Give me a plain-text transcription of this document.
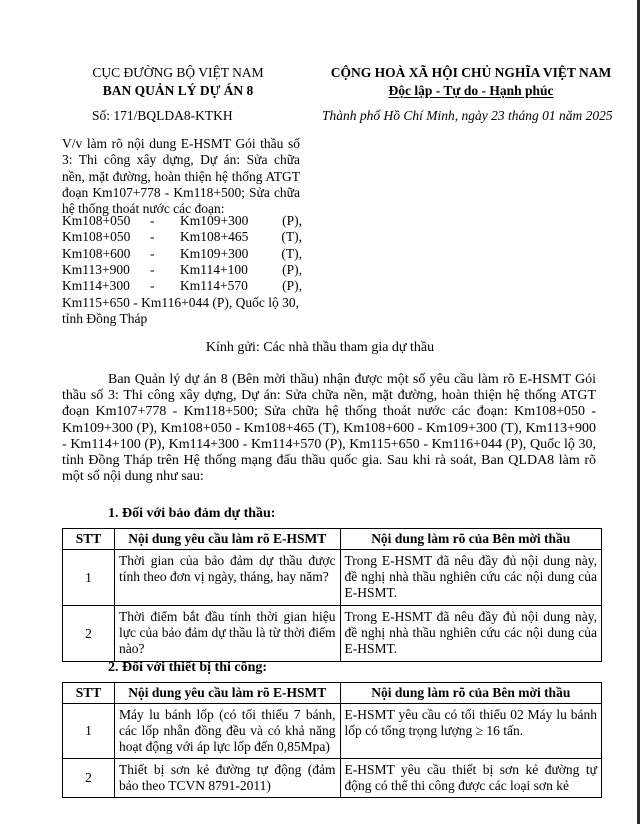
CỤC ĐƯỜNG BỘ VIỆT NAM
BAN QUẢN LÝ DỰ ÁN 8
CỘNG HOÀ XÃ HỘI CHỦ NGHĨA VIỆT NAM
Độc lập - Tự do - Hạnh phúc
Số: 171/BQLDA8-KTKH	Thành phố Hồ Chí Minh, ngày 23 tháng 01 năm 2025
V/v làm rõ nội dung E-HSMT Gói thầu số 3: Thi công xây dựng, Dự án: Sửa chữa nền, mặt đường, hoàn thiện hệ thống ATGT đoạn Km107+778 - Km118+500; Sửa chữa hệ thống thoát nước các đoạn:
Km108+050	-	Km109+300	(P),
Km108+050	-	Km108+465	(T),
Km108+600	-	Km109+300	(T),
Km113+900	-	Km114+100	(P),
Km114+300	-	Km114+570	(P),
Km115+650 - Km116+044 (P), Quốc lộ 30, tỉnh Đồng Tháp
Kính gửi: Các nhà thầu tham gia dự thầu
Ban Quản lý dự án 8 (Bên mời thầu) nhận được một số yêu cầu làm rõ E-HSMT Gói thầu số 3: Thi công xây dựng, Dự án: Sửa chữa nền, mặt đường, hoàn thiện hệ thống ATGT đoạn Km107+778 - Km118+500; Sửa chữa hệ thống thoát nước các đoạn: Km108+050 - Km109+300 (P), Km108+050 - Km108+465 (T), Km108+600 - Km109+300 (T), Km113+900 - Km114+100 (P), Km114+300 - Km114+570 (P), Km115+650 - Km116+044 (P), Quốc lộ 30, tỉnh Đồng Tháp trên Hệ thống mạng đấu thầu quốc gia. Sau khi rà soát, Ban QLDA8 làm rõ một số nội dung như sau:
1. Đối với bảo đảm dự thầu:
STT	Nội dung yêu cầu làm rõ E-HSMT	Nội dung làm rõ của Bên mời thầu
1	Thời gian của bảo đảm dự thầu được tính theo đơn vị ngày, tháng, hay năm?	Trong E-HSMT đã nêu đầy đủ nội dung này, đề nghị nhà thầu nghiên cứu các nội dung của E-HSMT.
2	Thời điểm bắt đầu tính thời gian hiệu lực của bảo đảm dự thầu là từ thời điểm nào?	Trong E-HSMT đã nêu đầy đủ nội dung này, đề nghị nhà thầu nghiên cứu các nội dung của E-HSMT.
2. Đối với thiết bị thi công:
STT	Nội dung yêu cầu làm rõ E-HSMT	Nội dung làm rõ của Bên mời thầu
1	Máy lu bánh lốp (có tối thiểu 7 bánh, các lốp nhẵn đồng đều và có khả năng hoạt động với áp lực lốp đến 0,85Mpa)	E-HSMT yêu cầu có tối thiểu 02 Máy lu bánh lốp có tổng trọng lượng ≥ 16 tấn.
2	Thiết bị sơn kẻ đường tự động (đảm bảo theo TCVN 8791-2011)	E-HSMT yêu cầu thiết bị sơn kẻ đường tự động có thể thi công được các loại sơn kẻ
